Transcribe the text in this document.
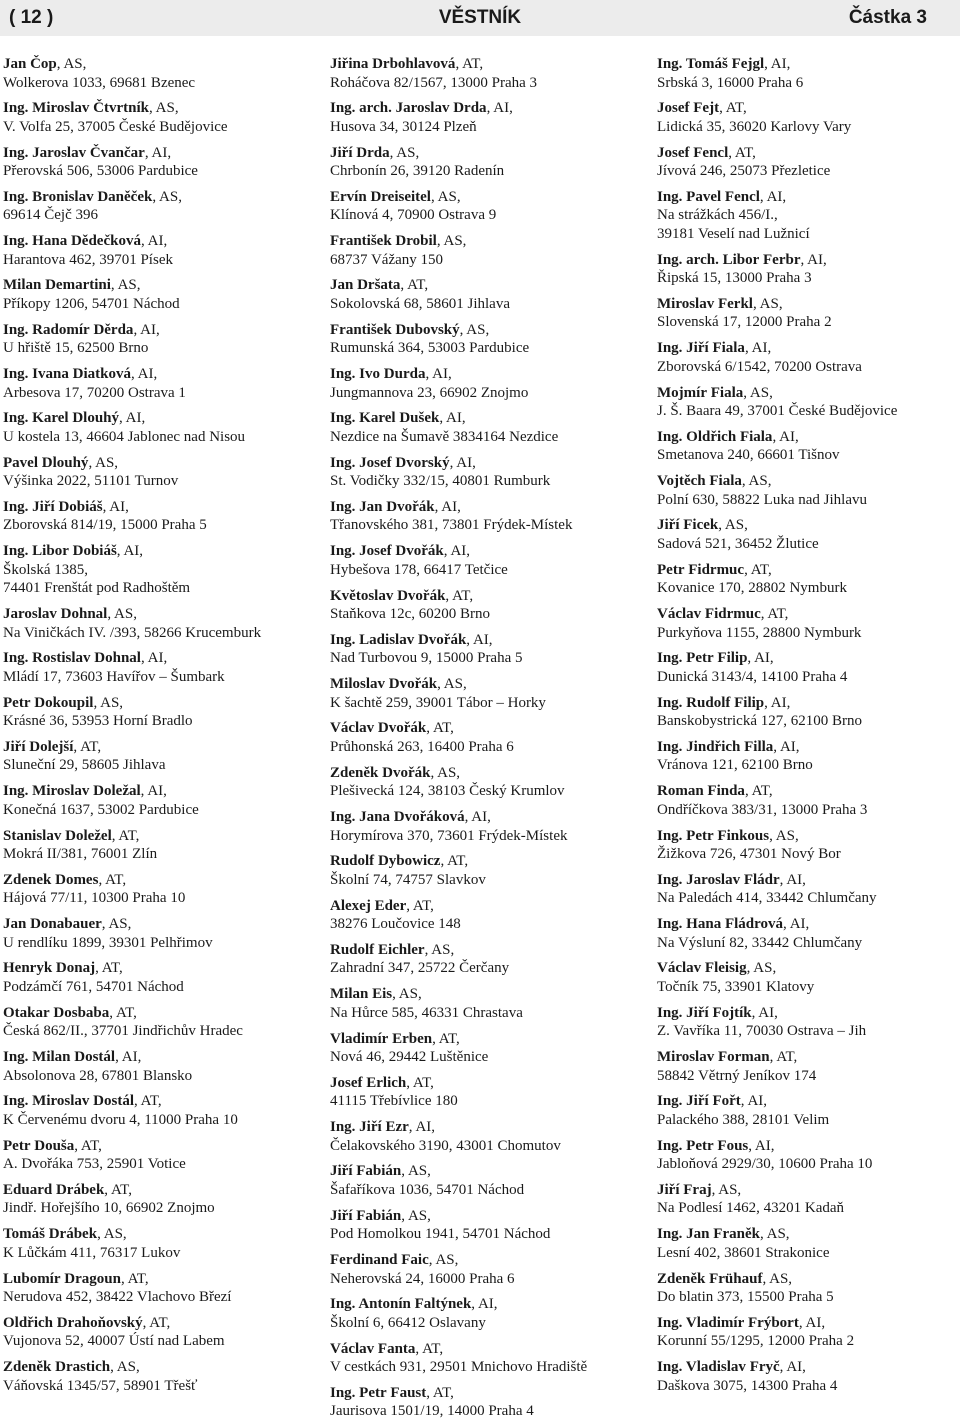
( 12 )	VĚSTNÍK	Částka 3
Jan Čop, AS,
Wolkerova 1033, 69681 Bzenec
Ing. Miroslav Čtvrtník, AS,
V. Volfa 25, 37005 České Budějovice
Ing. Jaroslav Čvančar, AI,
Přerovská 506, 53006 Pardubice
Ing. Bronislav Daněček, AS,
69614 Čejč 396
Ing. Hana Dědečková, AI,
Harantova 462, 39701 Písek
Milan Demartini, AS,
Příkopy 1206, 54701 Náchod
Ing. Radomír Děrda, AI,
U hřiště 15, 62500 Brno
Ing. Ivana Diatková, AI,
Arbesova 17, 70200 Ostrava 1
Ing. Karel Dlouhý, AI,
U kostela 13, 46604 Jablonec nad Nisou
Pavel Dlouhý, AS,
Výšinka 2022, 51101 Turnov
Ing. Jiří Dobiáš, AI,
Zborovská 814/19, 15000 Praha 5
Ing. Libor Dobiáš, AI,
Školská 1385,
74401 Frenštát pod Radhoštěm
Jaroslav Dohnal, AS,
Na Viničkách IV. /393, 58266 Krucemburk
Ing. Rostislav Dohnal, AI,
Mládí 17, 73603 Havířov – Šumbark
Petr Dokoupil, AS,
Krásné 36, 53953 Horní Bradlo
Jiří Dolejší, AT,
Sluneční 29, 58605 Jihlava
Ing. Miroslav Doležal, AI,
Konečná 1637, 53002 Pardubice
Stanislav Doležel, AT,
Mokrá II/381, 76001 Zlín
Zdenek Domes, AT,
Hájová 77/11, 10300 Praha 10
Jan Donabauer, AS,
U rendlíku 1899, 39301 Pelhřimov
Henryk Donaj, AT,
Podzámčí 761, 54701 Náchod
Otakar Dosbaba, AT,
Česká 862/II., 37701 Jindřichův Hradec
Ing. Milan Dostál, AI,
Absolonova 28, 67801 Blansko
Ing. Miroslav Dostál, AT,
K Červenému dvoru 4, 11000 Praha 10
Petr Douša, AT,
A. Dvořáka 753, 25901 Votice
Eduard Drábek, AT,
Jindř. Hořejšího 10, 66902 Znojmo
Tomáš Drábek, AS,
K Lůčkám 411, 76317 Lukov
Lubomír Dragoun, AT,
Nerudova 452, 38422 Vlachovo Březí
Oldřich Drahoňovský, AT,
Vujonova 52, 40007 Ústí nad Labem
Zdeněk Drastich, AS,
Váňovská 1345/57, 58901 Třešť
Jiřina Drbohlavová, AT,
Roháčova 82/1567, 13000 Praha 3
Ing. arch. Jaroslav Drda, AI,
Husova 34, 30124 Plzeň
Jiří Drda, AS,
Chrbonín 26, 39120 Radenín
Ervín Dreiseitel, AS,
Klínová 4, 70900 Ostrava 9
František Drobil, AS,
68737 Vážany 150
Jan Dršata, AT,
Sokolovská 68, 58601 Jihlava
František Dubovský, AS,
Rumunská 364, 53003 Pardubice
Ing. Ivo Durda, AI,
Jungmannova 23, 66902 Znojmo
Ing. Karel Dušek, AI,
Nezdice na Šumavě 3834164 Nezdice
Ing. Josef Dvorský, AI,
St. Vodičky 332/15, 40801 Rumburk
Ing. Jan Dvořák, AI,
Třanovského 381, 73801 Frýdek-Místek
Ing. Josef Dvořák, AI,
Hybešova 178, 66417 Tetčice
Květoslav Dvořák, AT,
Staňkova 12c, 60200 Brno
Ing. Ladislav Dvořák, AI,
Nad Turbovou 9, 15000 Praha 5
Miloslav Dvořák, AS,
K šachtě 259, 39001 Tábor – Horky
Václav Dvořák, AT,
Průhonská 263, 16400 Praha 6
Zdeněk Dvořák, AS,
Plešivecká 124, 38103 Český Krumlov
Ing. Jana Dvořáková, AI,
Horymírova 370, 73601 Frýdek-Místek
Rudolf Dybowicz, AT,
Školní 74, 74757 Slavkov
Alexej Eder, AT,
38276 Loučovice 148
Rudolf Eichler, AS,
Zahradní 347, 25722 Čerčany
Milan Eis, AS,
Na Hůrce 585, 46331 Chrastava
Vladimír Erben, AT,
Nová 46, 29442 Luštěnice
Josef Erlich, AT,
41115 Třebívlice 180
Ing. Jiří Ezr, AI,
Čelakovského 3190, 43001 Chomutov
Jiří Fabián, AS,
Šafaříkova 1036, 54701 Náchod
Jiří Fabián, AS,
Pod Homolkou 1941, 54701 Náchod
Ferdinand Faic, AS,
Neherovská 24, 16000 Praha 6
Ing. Antonín Faltýnek, AI,
Školní 6, 66412 Oslavany
Václav Fanta, AT,
V cestkách 931, 29501 Mnichovo Hradiště
Ing. Petr Faust, AT,
Jaurisova 1501/19, 14000 Praha 4
Ing. Tomáš Fejgl, AI,
Srbská 3, 16000 Praha 6
Josef Fejt, AT,
Lidická 35, 36020 Karlovy Vary
Josef Fencl, AT,
Jívová 246, 25073 Přezletice
Ing. Pavel Fencl, AI,
Na strážkách 456/I.,
39181 Veselí nad Lužnicí
Ing. arch. Libor Ferbr, AI,
Řipská 15, 13000 Praha 3
Miroslav Ferkl, AS,
Slovenská 17, 12000 Praha 2
Ing. Jiří Fiala, AI,
Zborovská 6/1542, 70200 Ostrava
Mojmír Fiala, AS,
J. Š. Baara 49, 37001 České Budějovice
Ing. Oldřich Fiala, AI,
Smetanova 240, 66601 Tišnov
Vojtěch Fiala, AS,
Polní 630, 58822 Luka nad Jihlavu
Jiří Ficek, AS,
Sadová 521, 36452 Žlutice
Petr Fidrmuc, AT,
Kovanice 170, 28802 Nymburk
Václav Fidrmuc, AT,
Purkyňova 1155, 28800 Nymburk
Ing. Petr Filip, AI,
Dunická 3143/4, 14100 Praha 4
Ing. Rudolf Filip, AI,
Banskobystrická 127, 62100 Brno
Ing. Jindřich Filla, AI,
Vránova 121, 62100 Brno
Roman Finda, AT,
Ondříčkova 383/31, 13000 Praha 3
Ing. Petr Finkous, AS,
Žižkova 726, 47301 Nový Bor
Ing. Jaroslav Fládr, AI,
Na Paledách 414, 33442 Chlumčany
Ing. Hana Fládrová, AI,
Na Výsluní 82, 33442 Chlumčany
Václav Fleisig, AS,
Točník 75, 33901 Klatovy
Ing. Jiří Fojtík, AI,
Z. Vavříka 11, 70030 Ostrava – Jih
Miroslav Forman, AT,
58842 Větrný Jeníkov 174
Ing. Jiří Fořt, AI,
Palackého 388, 28101 Velim
Ing. Petr Fous, AI,
Jabloňová 2929/30, 10600 Praha 10
Jiří Fraj, AS,
Na Podlesí 1462, 43201 Kadaň
Ing. Jan Franěk, AS,
Lesní 402, 38601 Strakonice
Zdeněk Frühauf, AS,
Do blatin 373, 15500 Praha 5
Ing. Vladimír Frýbort, AI,
Korunní 55/1295, 12000 Praha 2
Ing. Vladislav Fryč, AI,
Daškova 3075, 14300 Praha 4
